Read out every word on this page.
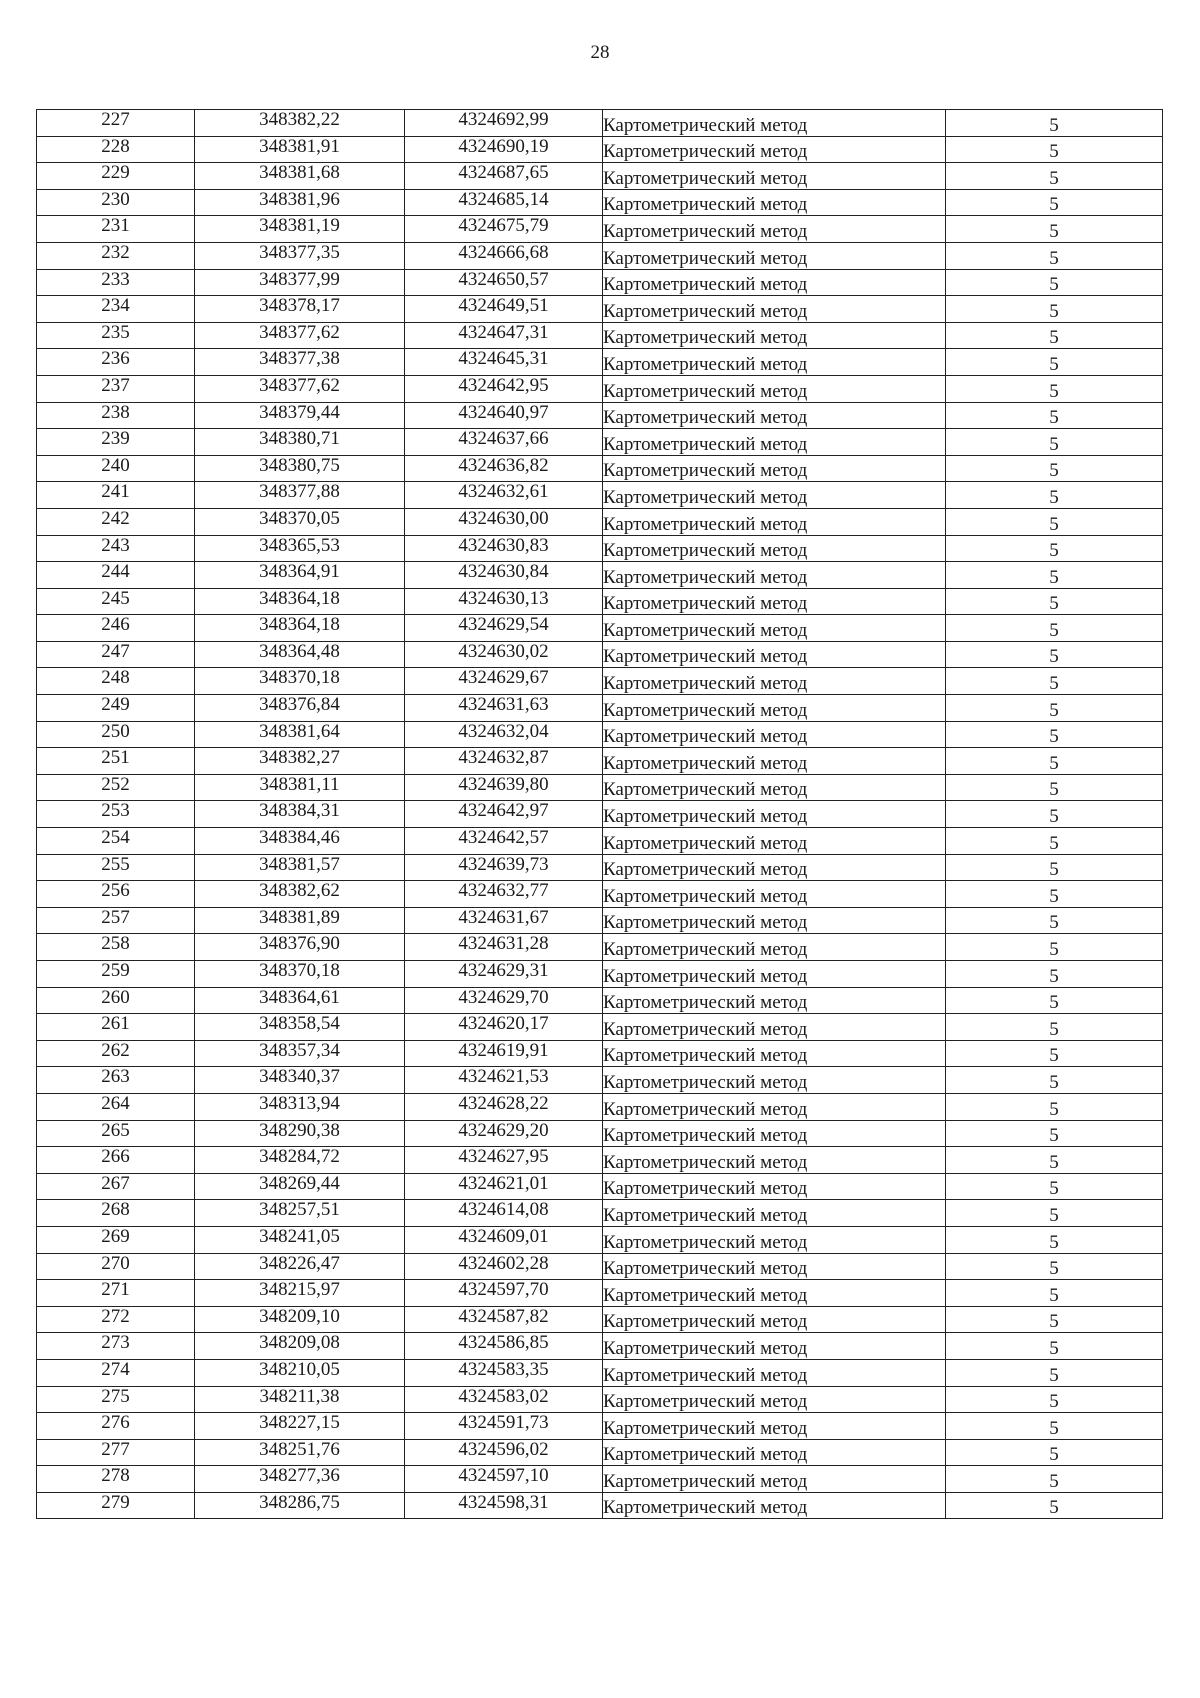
28
227	348382,22	4324692,99	Картометрический метод	5
228	348381,91	4324690,19	Картометрический метод	5
229	348381,68	4324687,65	Картометрический метод	5
230	348381,96	4324685,14	Картометрический метод	5
231	348381,19	4324675,79	Картометрический метод	5
232	348377,35	4324666,68	Картометрический метод	5
233	348377,99	4324650,57	Картометрический метод	5
234	348378,17	4324649,51	Картометрический метод	5
235	348377,62	4324647,31	Картометрический метод	5
236	348377,38	4324645,31	Картометрический метод	5
237	348377,62	4324642,95	Картометрический метод	5
238	348379,44	4324640,97	Картометрический метод	5
239	348380,71	4324637,66	Картометрический метод	5
240	348380,75	4324636,82	Картометрический метод	5
241	348377,88	4324632,61	Картометрический метод	5
242	348370,05	4324630,00	Картометрический метод	5
243	348365,53	4324630,83	Картометрический метод	5
244	348364,91	4324630,84	Картометрический метод	5
245	348364,18	4324630,13	Картометрический метод	5
246	348364,18	4324629,54	Картометрический метод	5
247	348364,48	4324630,02	Картометрический метод	5
248	348370,18	4324629,67	Картометрический метод	5
249	348376,84	4324631,63	Картометрический метод	5
250	348381,64	4324632,04	Картометрический метод	5
251	348382,27	4324632,87	Картометрический метод	5
252	348381,11	4324639,80	Картометрический метод	5
253	348384,31	4324642,97	Картометрический метод	5
254	348384,46	4324642,57	Картометрический метод	5
255	348381,57	4324639,73	Картометрический метод	5
256	348382,62	4324632,77	Картометрический метод	5
257	348381,89	4324631,67	Картометрический метод	5
258	348376,90	4324631,28	Картометрический метод	5
259	348370,18	4324629,31	Картометрический метод	5
260	348364,61	4324629,70	Картометрический метод	5
261	348358,54	4324620,17	Картометрический метод	5
262	348357,34	4324619,91	Картометрический метод	5
263	348340,37	4324621,53	Картометрический метод	5
264	348313,94	4324628,22	Картометрический метод	5
265	348290,38	4324629,20	Картометрический метод	5
266	348284,72	4324627,95	Картометрический метод	5
267	348269,44	4324621,01	Картометрический метод	5
268	348257,51	4324614,08	Картометрический метод	5
269	348241,05	4324609,01	Картометрический метод	5
270	348226,47	4324602,28	Картометрический метод	5
271	348215,97	4324597,70	Картометрический метод	5
272	348209,10	4324587,82	Картометрический метод	5
273	348209,08	4324586,85	Картометрический метод	5
274	348210,05	4324583,35	Картометрический метод	5
275	348211,38	4324583,02	Картометрический метод	5
276	348227,15	4324591,73	Картометрический метод	5
277	348251,76	4324596,02	Картометрический метод	5
278	348277,36	4324597,10	Картометрический метод	5
279	348286,75	4324598,31	Картометрический метод	5
